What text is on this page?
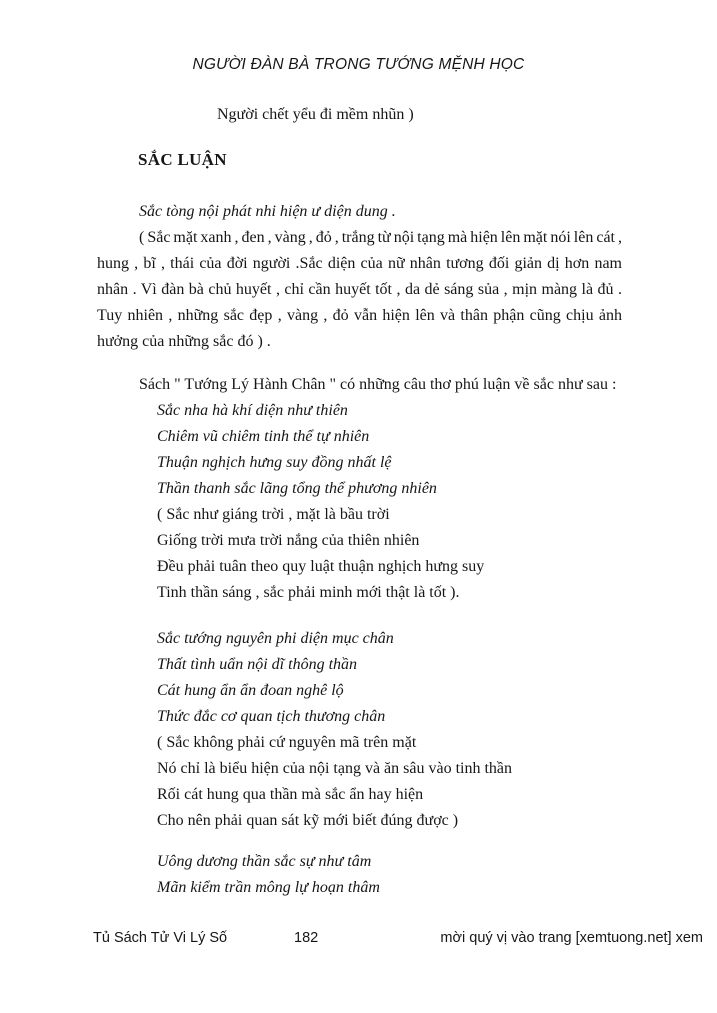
NGƯỜI ĐÀN BÀ TRONG TƯỚNG MỆNH HỌC
Người chết yểu đi mềm nhũn )
SẮC LUẬN
Sắc tòng nội phát nhi hiện ư diện dung .
( Sắc mặt xanh , đen , vàng , đỏ , trắng từ nội tạng mà hiện lên mặt nói lên cát ,
hung , bĩ , thái của đời người .Sắc diện của nữ nhân tương đối giản dị hơn nam
nhân . Vì đàn bà chủ huyết , chỉ cần huyết tốt , da dẻ sáng sủa , mịn màng là đủ .
Tuy nhiên , những sắc đẹp , vàng , đỏ vẫn hiện lên và thân phận cũng chịu ảnh
hưởng của những sắc đó ) .
Sách " Tướng Lý Hành Chân " có những câu thơ phú luận về sắc như sau :
Sắc nha hà khí diện như thiên
Chiêm vũ chiêm tinh thể tự nhiên
Thuận nghịch hưng suy đồng nhất lệ
Thần thanh sắc lãng tổng thể phương nhiên
( Sắc như giáng trời , mặt là bầu trời
Giống trời mưa trời nắng của thiên nhiên
Đều phải tuân theo quy luật thuận nghịch hưng suy
Tinh thần sáng , sắc phải minh mới thật là tốt ).
Sắc tướng nguyên phi diện mục chân
Thất tình uẩn nội dĩ thông thần
Cát hung ẩn ẩn đoan nghê lộ
Thức đắc cơ quan tịch thương chân
( Sắc không phải cứ nguyên mã trên mặt
Nó chỉ là biểu hiện của nội tạng và ăn sâu vào tinh thần
Rối cát hung qua thần mà sắc ẩn hay hiện
Cho nên phải quan sát kỹ mới biết đúng được )
Uông dương thần sắc sự như tâm
Mãn kiểm trần mông lự hoạn thâm
Tủ Sách Tử Vi Lý Số	182	mời quý vị vào trang [xemtuong.net] xem
